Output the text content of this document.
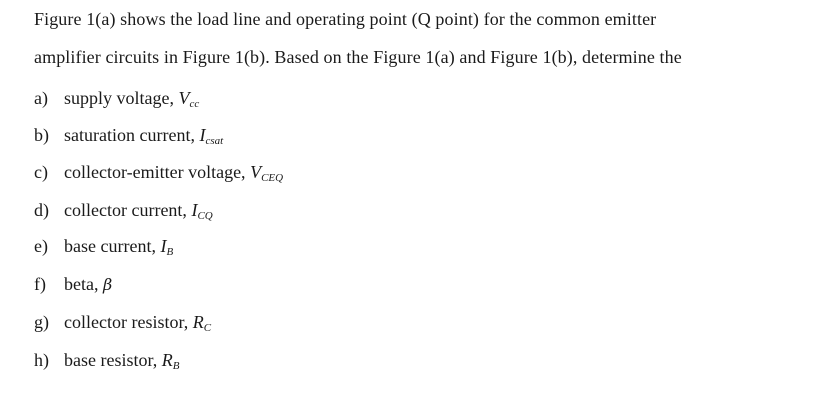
Figure 1(a) shows the load line and operating point (Q point) for the common emitter
amplifier circuits in Figure 1(b). Based on the Figure 1(a) and Figure 1(b), determine the
a) supply voltage, Vcc
b) saturation current, Icsat
c) collector-emitter voltage, VCEQ
d) collector current, ICQ
e) base current, IB
f) beta, β
g) collector resistor, RC
h) base resistor, RB
